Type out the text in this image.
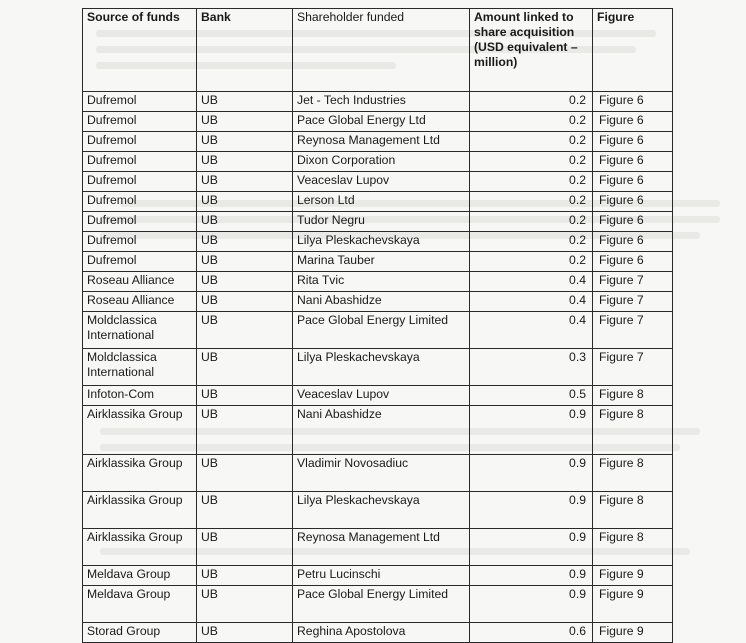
Source of funds	Bank	Shareholder funded	Amount linked to share acquisition (USD equivalent – million)	Figure
Dufremol	UB	Jet - Tech Industries	0.2	Figure 6
Dufremol	UB	Pace Global Energy Ltd	0.2	Figure 6
Dufremol	UB	Reynosa Management Ltd	0.2	Figure 6
Dufremol	UB	Dixon Corporation	0.2	Figure 6
Dufremol	UB	Veaceslav Lupov	0.2	Figure 6
Dufremol	UB	Lerson Ltd	0.2	Figure 6
Dufremol	UB	Tudor Negru	0.2	Figure 6
Dufremol	UB	Lilya Pleskachevskaya	0.2	Figure 6
Dufremol	UB	Marina Tauber	0.2	Figure 6
Roseau Alliance	UB	Rita Tvic	0.4	Figure 7
Roseau Alliance	UB	Nani Abashidze	0.4	Figure 7
Moldclassica International	UB	Pace Global Energy Limited	0.4	Figure 7
Moldclassica International	UB	Lilya Pleskachevskaya	0.3	Figure 7
Infoton-Com	UB	Veaceslav Lupov	0.5	Figure 8
Airklassika Group	UB	Nani Abashidze	0.9	Figure 8
Airklassika Group	UB	Vladimir Novosadiuc	0.9	Figure 8
Airklassika Group	UB	Lilya Pleskachevskaya	0.9	Figure 8
Airklassika Group	UB	Reynosa Management Ltd	0.9	Figure 8
Meldava Group	UB	Petru Lucinschi	0.9	Figure 9
Meldava Group	UB	Pace Global Energy Limited	0.9	Figure 9
Storad Group	UB	Reghina Apostolova	0.6	Figure 9
